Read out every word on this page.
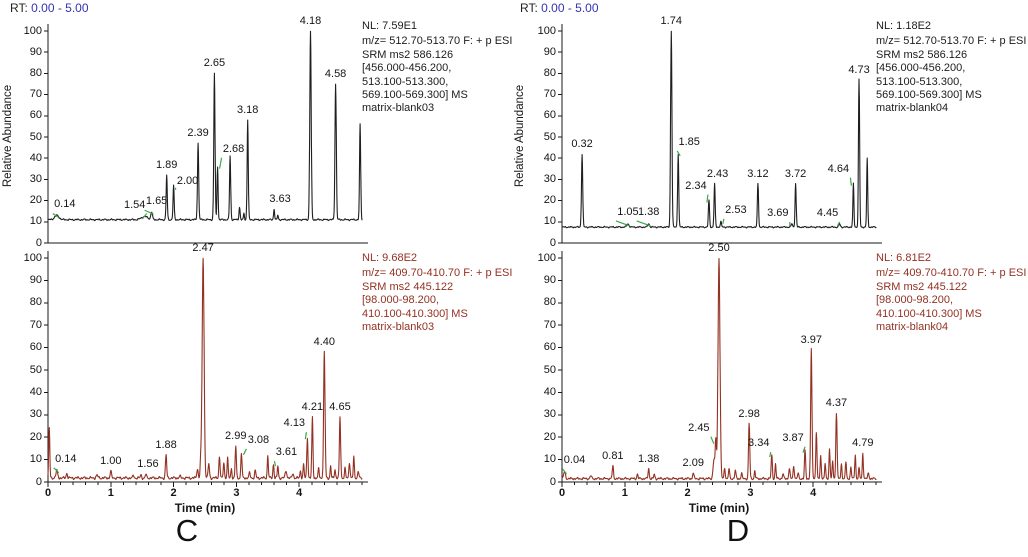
0
10
20
30
40
50
60
70
80
90
100
0.14	1.54 1.65
1.89
2.00
2.39
2.65
2.68
3.18
3.63
4.18
4.58
NL: 7.59E1
m/z= 512.70-513.70 F: + p ESI
SRM ms2 586.126
[456.000-456.200,
513.100-513.300,
569.100-569.300] MS
matrix-blank03
0
10
20
30
40
50
60
70
80
90
100
0	1	2	3	4
0.14	1.00	1.56
1.88
2.47
2.99 3.08
3.61
4.13
4.21
4.40
4.65
NL: 9.68E2
m/z= 409.70-410.70 F: + p ESI
SRM ms2 445.122
[98.000-98.200,
410.100-410.300] MS
matrix-blank03
0
10
20
30
40
50
60
70
80
90
100
0.32
1.05 1.38
1.74
1.85
2.34
2.43
2.53
3.12
3.69
3.72
4.45
4.64
4.73
NL: 1.18E2
m/z= 512.70-513.70 F: + p ESI
SRM ms2 586.126
[456.000-456.200,
513.100-513.300,
569.100-569.300] MS
matrix-blank04
0
10
20
30
40
50
60
70
80
90
100
0	1	2	3	4
0.04	0.81	1.38	2.09
2.45
2.50
2.98
3.34	3.87
3.97
4.37
4.79
NL: 6.81E2
m/z= 409.70-410.70 F: + p ESI
SRM ms2 445.122
[98.000-98.200,
410.100-410.300] MS
matrix-blank04
RT: 0.00 - 5.00	RT: 0.00 - 5.00
Relative Abundance	Relative Abundance
Time (min)	Time (min)
C	D
